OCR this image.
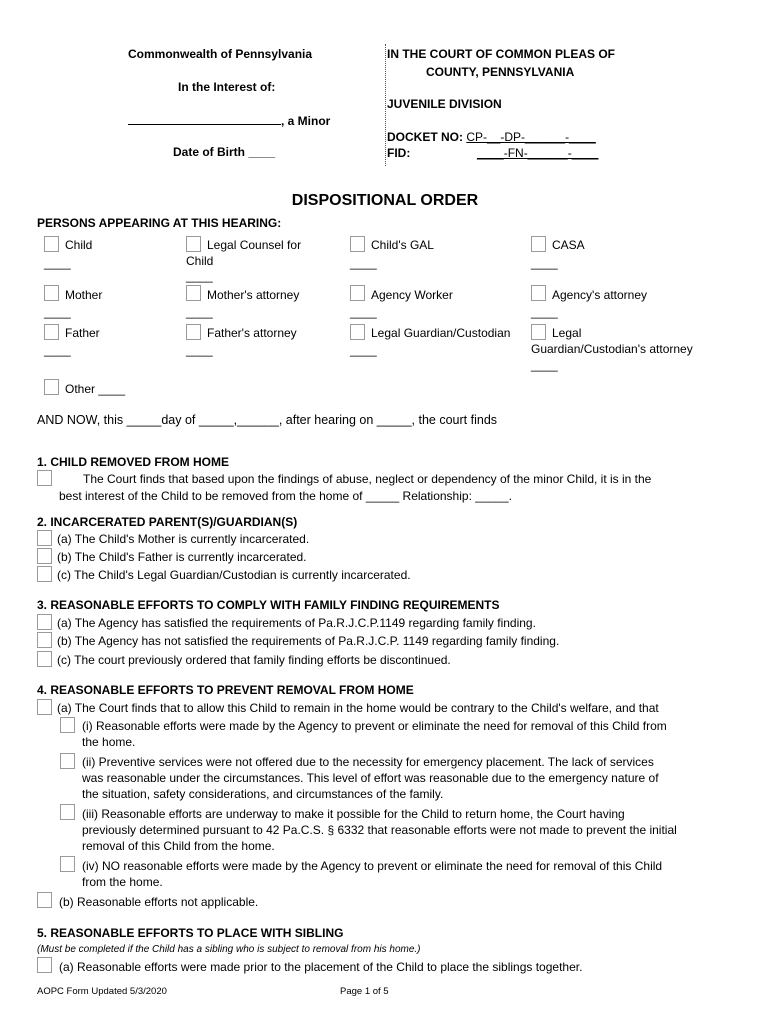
Commonwealth of Pennsylvania
In the Interest of:
, a Minor
Date of Birth ____
IN THE COURT OF COMMON PLEAS OF
COUNTY, PENNSYLVANIA
JUVENILE DIVISION
DOCKET NO: CP-__-DP-______-____
FID:	____-FN-______-____
DISPOSITIONAL ORDER
PERSONS APPEARING AT THIS HEARING:
Child
____
Legal Counsel for
Child
____
Child's GAL
____
CASA
____
Mother
____
Mother's attorney
____
Agency Worker
____
Agency's attorney
____
Father
____
Father's attorney
____
Legal Guardian/Custodian
____
Legal
Guardian/Custodian's attorney
____
Other ____
AND NOW, this _____day of _____,______, after hearing on _____, the court finds
1. CHILD REMOVED FROM HOME
The Court finds that based upon the findings of abuse, neglect or dependency of the minor Child, it is in the
best interest of the Child to be removed from the home of _____ Relationship: _____.
2. INCARCERATED PARENT(S)/GUARDIAN(S)
(a) The Child's Mother is currently incarcerated.
(b) The Child's Father is currently incarcerated.
(c) The Child's Legal Guardian/Custodian is currently incarcerated.
3. REASONABLE EFFORTS TO COMPLY WITH FAMILY FINDING REQUIREMENTS
(a) The Agency has satisfied the requirements of Pa.R.J.C.P.1149 regarding family finding.
(b) The Agency has not satisfied the requirements of Pa.R.J.C.P. 1149 regarding family finding.
(c) The court previously ordered that family finding efforts be discontinued.
4. REASONABLE EFFORTS TO PREVENT REMOVAL FROM HOME
(a) The Court finds that to allow this Child to remain in the home would be contrary to the Child's welfare, and that
(i) Reasonable efforts were made by the Agency to prevent or eliminate the need for removal of this Child from
the home.
(ii) Preventive services were not offered due to the necessity for emergency placement. The lack of services
was reasonable under the circumstances. This level of effort was reasonable due to the emergency nature of
the situation, safety considerations, and circumstances of the family.
(iii) Reasonable efforts are underway to make it possible for the Child to return home, the Court having
previously determined pursuant to 42 Pa.C.S. § 6332 that reasonable efforts were not made to prevent the initial
removal of this Child from the home.
(iv) NO reasonable efforts were made by the Agency to prevent or eliminate the need for removal of this Child
from the home.
(b) Reasonable efforts not applicable.
5. REASONABLE EFFORTS TO PLACE WITH SIBLING
(Must be completed if the Child has a sibling who is subject to removal from his home.)
(a) Reasonable efforts were made prior to the placement of the Child to place the siblings together.
AOPC Form Updated 5/3/2020	Page 1 of 5
